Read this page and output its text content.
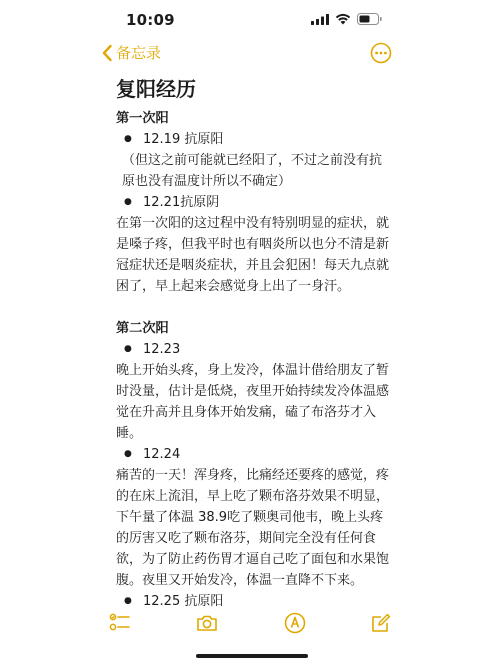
10:09
备忘录
复阳经历
第一次阳
● 12.19 抗原阳
（但这之前可能就已经阳了，不过之前没有抗原也没有温度计所以不确定）
● 12.21抗原阴
在第一次阳的这过程中没有特别明显的症状，就是嗓子疼，但我平时也有咽炎所以也分不清是新冠症状还是咽炎症状，并且会犯困！每天九点就困了，早上起来会感觉身上出了一身汗。
第二次阳
● 12.23
晚上开始头疼，身上发冷，体温计借给朋友了暂时没量，估计是低烧，夜里开始持续发冷体温感觉在升高并且身体开始发痛，磕了布洛芬才入睡。
● 12.24
痛苦的一天！浑身疼，比痛经还要疼的感觉，疼的在床上流泪，早上吃了颗布洛芬效果不明显，下午量了体温 38.9吃了颗奥司他韦，晚上头疼的厉害又吃了颗布洛芬，期间完全没有任何食欲，为了防止药伤胃才逼自己吃了面包和水果饱腹。夜里又开始发冷，体温一直降不下来。
● 12.25 抗原阳
